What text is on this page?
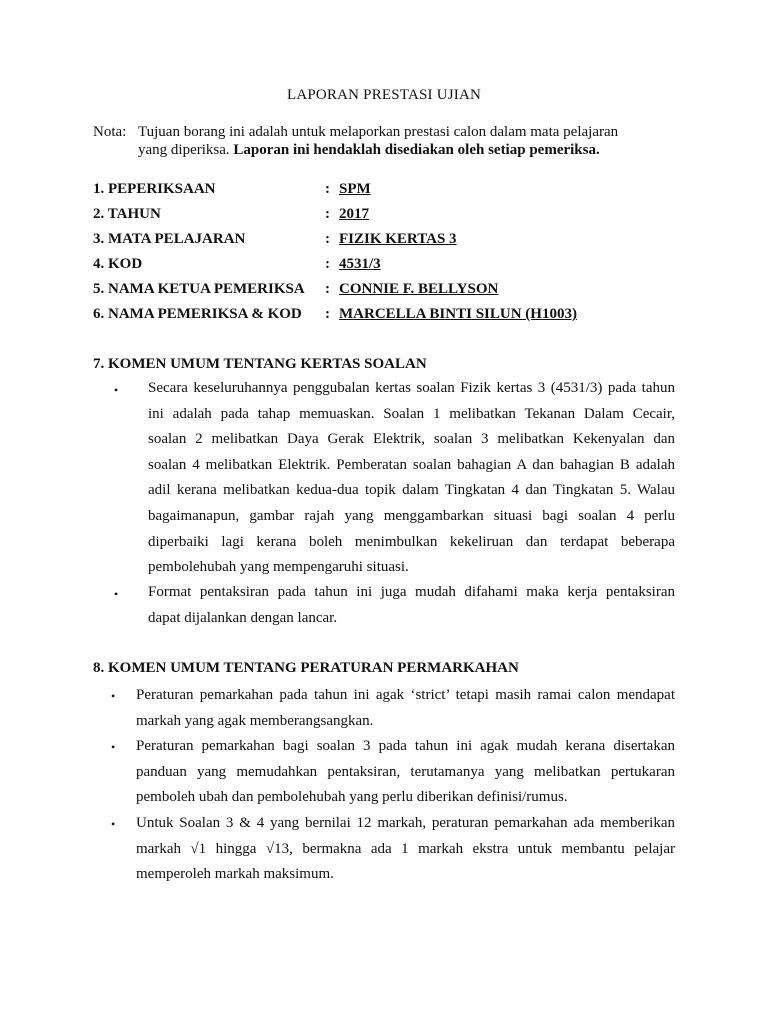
LAPORAN PRESTASI UJIAN
Nota: Tujuan borang ini adalah untuk melaporkan prestasi calon dalam mata pelajaran
yang diperiksa. Laporan ini hendaklah disediakan oleh setiap pemeriksa.
1. PEPERIKSAAN	: SPM
2. TAHUN	: 2017
3. MATA PELAJARAN	: FIZIK KERTAS 3
4. KOD	: 4531/3
5. NAMA KETUA PEMERIKSA : CONNIE F. BELLYSON
6. NAMA PEMERIKSA & KOD : MARCELLA BINTI SILUN (H1003)
7. KOMEN UMUM TENTANG KERTAS SOALAN
• Secara keseluruhannya penggubalan kertas soalan Fizik kertas 3 (4531/3) pada tahun
ini adalah pada tahap memuaskan. Soalan 1 melibatkan Tekanan Dalam Cecair,
soalan 2 melibatkan Daya Gerak Elektrik, soalan 3 melibatkan Kekenyalan dan
soalan 4 melibatkan Elektrik. Pemberatan soalan bahagian A dan bahagian B adalah
adil kerana melibatkan kedua-dua topik dalam Tingkatan 4 dan Tingkatan 5. Walau
bagaimanapun, gambar rajah yang menggambarkan situasi bagi soalan 4 perlu
diperbaiki lagi kerana boleh menimbulkan kekeliruan dan terdapat beberapa
pembolehubah yang mempengaruhi situasi.
• Format pentaksiran pada tahun ini juga mudah difahami maka kerja pentaksiran
dapat dijalankan dengan lancar.
8. KOMEN UMUM TENTANG PERATURAN PERMARKAHAN
• Peraturan pemarkahan pada tahun ini agak ‘strict’ tetapi masih ramai calon mendapat
markah yang agak memberangsangkan.
• Peraturan pemarkahan bagi soalan 3 pada tahun ini agak mudah kerana disertakan
panduan yang memudahkan pentaksiran, terutamanya yang melibatkan pertukaran
pemboleh ubah dan pembolehubah yang perlu diberikan definisi/rumus.
• Untuk Soalan 3 & 4 yang bernilai 12 markah, peraturan pemarkahan ada memberikan
markah √1 hingga √13, bermakna ada 1 markah ekstra untuk membantu pelajar
memperoleh markah maksimum.
